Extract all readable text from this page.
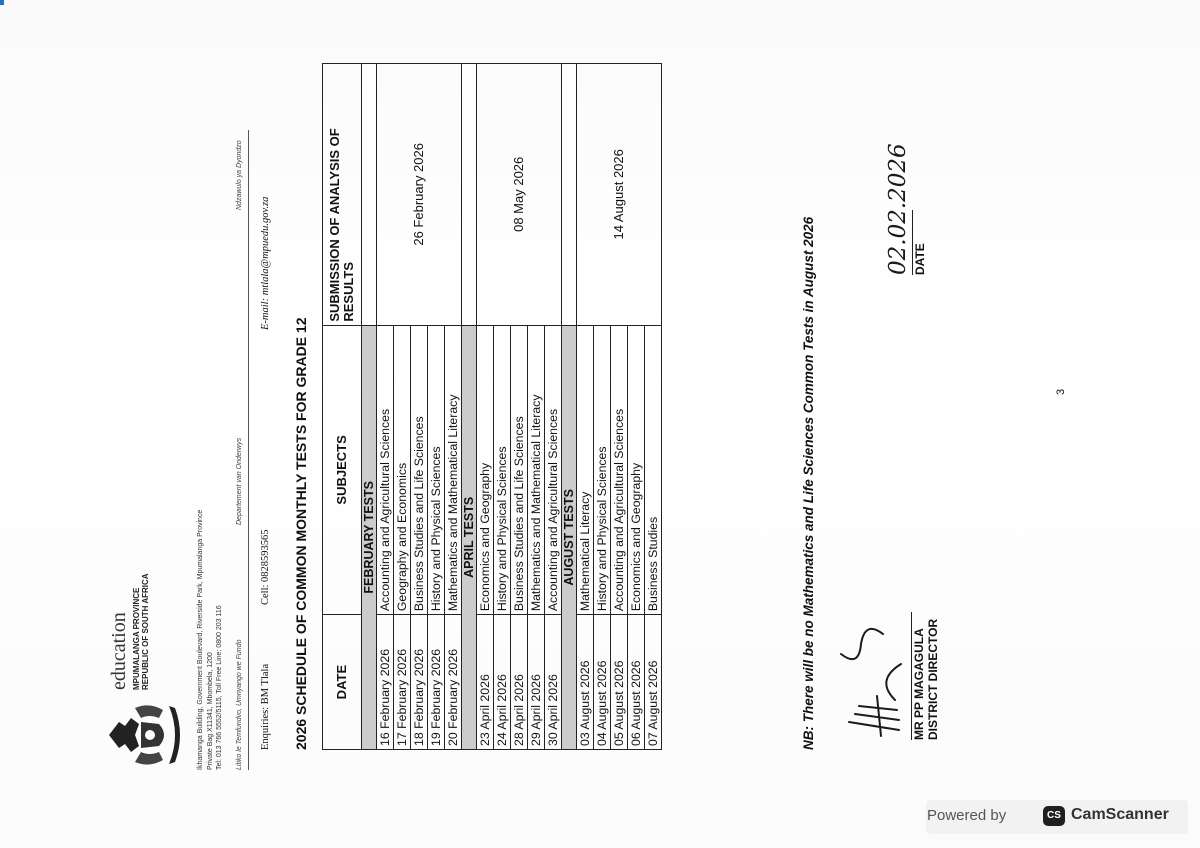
education MPUMALANGA PROVINCE REPUBLIC OF SOUTH AFRICA	Ikhamanga Building, Government Boulevard, Riverside Park, Mpumalanga Province Private Bag X11341, Mbombela, 1200 Tel: 013 766 5552/5115, Toll Free Line: 0800 203 116 Litiko le Temfundvo, Umnyango we Fundo
Departement van Onderwys
Ndzawulo ya Dyondzo
Enquiries: BM Tlala
Cell: 0828593565
E-mail: mtlala@mpuedu.gov.za
2026 SCHEDULE OF COMMON MONTHLY TESTS FOR GRADE 12 DATE	SUBJECTS	SUBMISSION OF ANALYSIS OF RESULTS
FEBRUARY TESTS		
16 February 2026	Accounting and Agricultural Sciences	26 February 2026
17 February 2026	Geography and Economics	
18 February 2026	Business Studies and Life Sciences	
19 February 2026	History and Physical Sciences	
20 February 2026	Mathematics and Mathematical Literacy	
APRIL TESTS		
23 April 2026	Economics and Geography	08 May 2026
24 April 2026	History and Physical Sciences	
28 April 2026	Business Studies and Life Sciences	
29 April 2026	Mathematics and Mathematical Literacy	
30 April 2026	Accounting and Agricultural Sciences	
AUGUST TESTS		
03 August 2026	Mathematical Literacy	14 August 2026
04 August 2026	History and Physical Sciences	
05 August 2026	Accounting and Agricultural Sciences	
06 August 2026	Economics and Geography	
07 August 2026	Business Studies		NB: There will be no Mathematics and Life Sciences Common Tests in August 2026	MR PP MAGAGULA DISTRICT DIRECTOR
02.02.2026 DATE
3
Powered by	CS CamScanner
